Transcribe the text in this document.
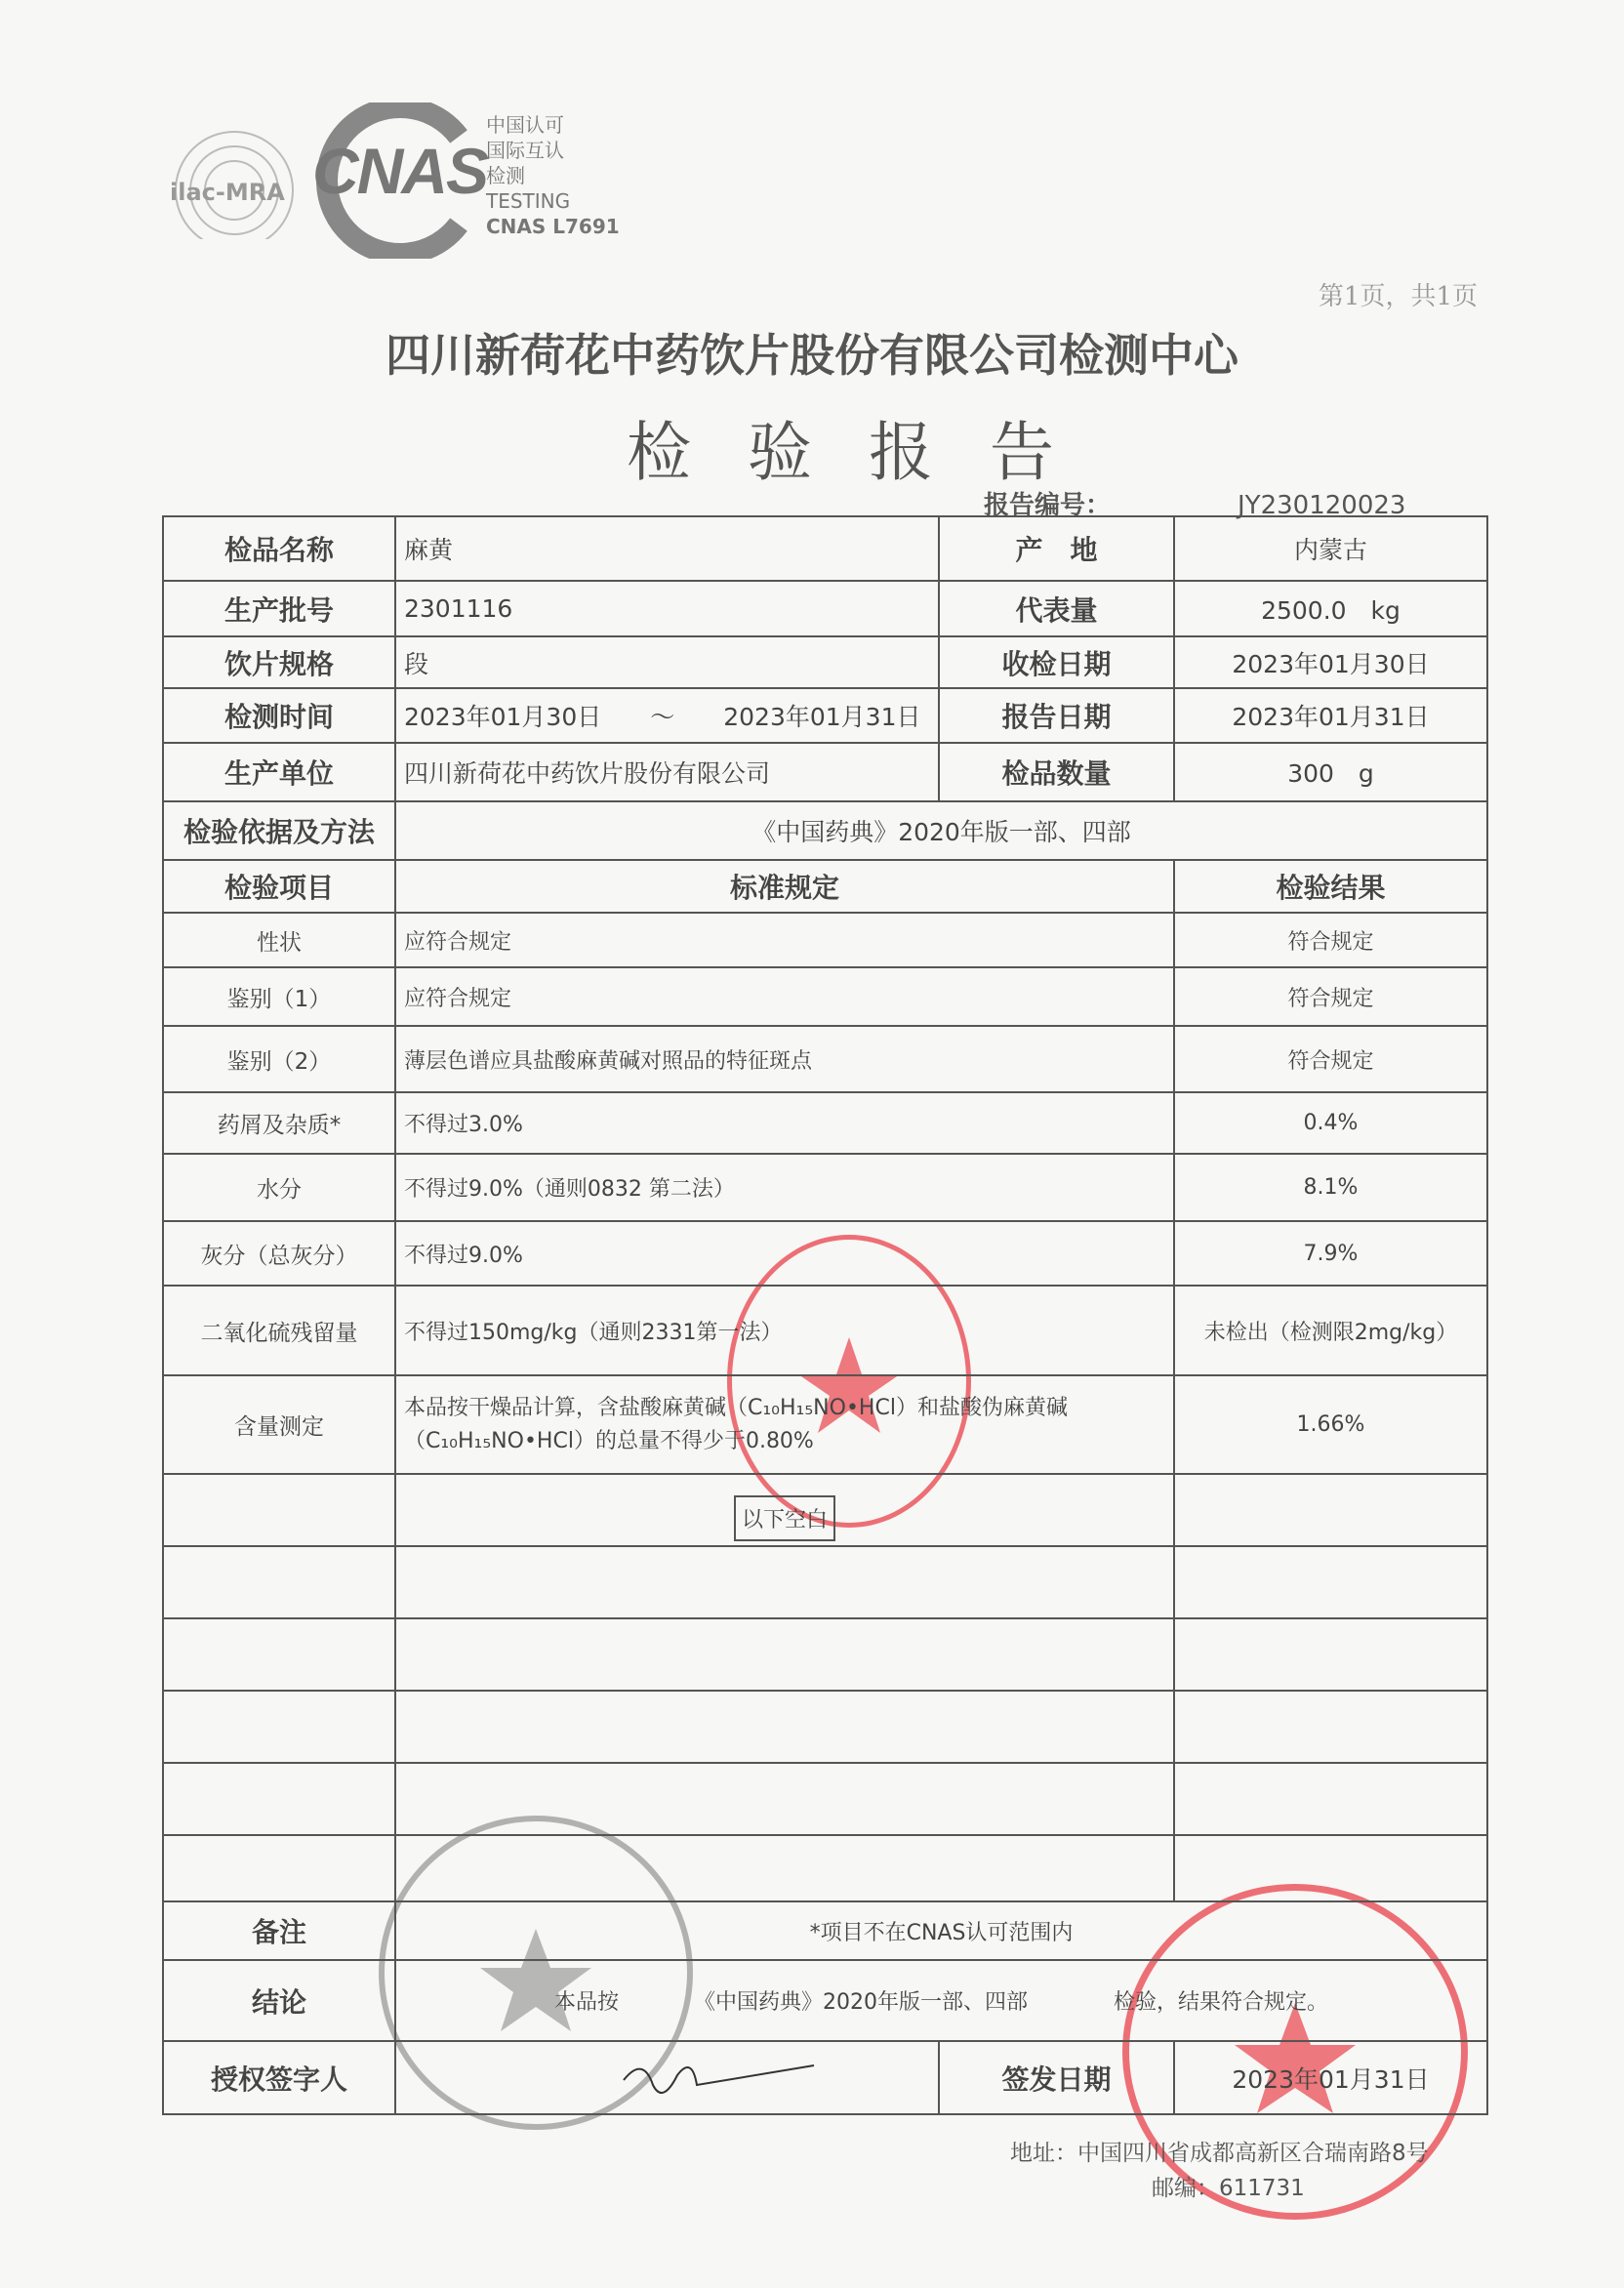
ilac-MRA CNAS
中国认可
国际互认
检测
TESTING
CNAS L7691
第1页，共1页
四川新荷花中药饮片股份有限公司检测中心
检验报告
报告编号：	JY230120023
检品名称	麻黄	产　地	内蒙古
生产批号	2301116	代表量	2500.0　kg
饮片规格	段	收检日期	2023年01月30日
检测时间	2023年01月30日　　～　　2023年01月31日	报告日期	2023年01月31日
生产单位	四川新荷花中药饮片股份有限公司	检品数量	300　g
检验依据及方法	《中国药典》2020年版一部、四部		
检验项目	标准规定		检验结果
性状	应符合规定		符合规定
鉴别（1）	应符合规定		符合规定
鉴别（2）	薄层色谱应具盐酸麻黄碱对照品的特征斑点		符合规定
药屑及杂质*	不得过3.0%		0.4%
水分	不得过9.0%（通则0832 第二法）		8.1%
灰分（总灰分）	不得过9.0%		7.9%
二氧化硫残留量	不得过150mg/kg（通则2331第一法）		未检出（检测限2mg/kg）
含量测定	本品按干燥品计算，含盐酸麻黄碱（C₁₀H₁₅NO•HCl）和盐酸伪麻黄碱（C₁₀H₁₅NO•HCl）的总量不得少于0.80%		1.66%
	以下空白		

备注	*项目不在CNAS认可范围内		
结论	本品按　　　　《中国药典》2020年版一部、四部　　　　检验，结果符合规定。		
授权签字人		签发日期	2023年01月31日
地址：中国四川省成都高新区合瑞南路8号
邮编：611731
